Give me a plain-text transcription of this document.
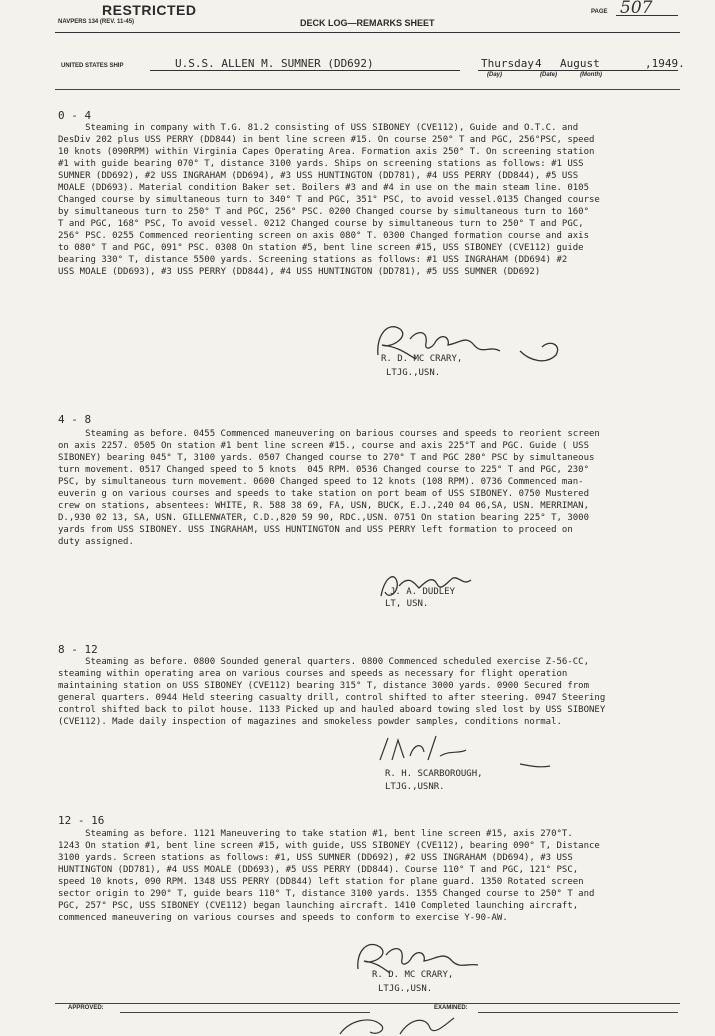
RESTRICTED
NAVPERS 134 (REV. 11-45)	DECK LOG—REMARKS SHEET
PAGE 507
UNITED STATES SHIP	U.S.S. ALLEN M. SUMNER (DD692)	Thursday 4 August	,1949.
(Day)	(Date)	(Month)
0 - 4
Steaming in company with T.G. 81.2 consisting of USS SIBONEY (CVE112), Guide and O.T.C. and
DesDiv 202 plus USS PERRY (DD844) in bent line screen #15. On course 250° T and PGC, 256°PSC, speed
10 knots (090RPM) within Virginia Capes Operating Area. Formation axis 250° T. On screening station
#1 with guide bearing 070° T, distance 3100 yards. Ships on screening stations as follows: #1 USS
SUMNER (DD692), #2 USS INGRAHAM (DD694), #3 USS HUNTINGTON (DD781), #4 USS PERRY (DD844), #5 USS
MOALE (DD693). Material condition Baker set. Boilers #3 and #4 in use on the main steam line. 0105
Changed course by simultaneous turn to 340° T and PGC, 351° PSC, to avoid vessel.0135 Changed course
by simultaneous turn to 250° T and PGC, 256° PSC. 0200 Changed course by simultaneous turn to 160°
T and PGC, 168° PSC, To avoid vessel. 0212 Changed course by simultaneous turn to 250° T and PGC,
256° PSC. 0255 Commenced reorienting screen on axis 080° T. 0300 Changed formation course and axis
to 080° T and PGC, 091° PSC. 0308 On station #5, bent line screen #15, USS SIBONEY (CVE112) guide
bearing 330° T, distance 5500 yards. Screening stations as follows: #1 USS INGRAHAM (DD694) #2
USS MOALE (DD693), #3 USS PERRY (DD844), #4 USS HUNTINGTON (DD781), #5 USS SUMNER (DD692)
R. D. MC CRARY,
LTJG.,USN.
4 - 8
Steaming as before. 0455 Commenced maneuvering on barious courses and speeds to reorient screen
on axis 2257. 0505 On station #1 bent line screen #15., course and axis 225°T and PGC. Guide ( USS
SIBONEY) bearing 045° T, 3100 yards. 0507 Changed course to 270° T and PGC 280° PSC by simultaneous
turn movement. 0517 Changed speed to 5 knots  045 RPM. 0536 Changed course to 225° T and PGC, 230°
PSC, by simultaneous turn movement. 0600 Changed speed to 12 knots (108 RPM). 0736 Commenced man-
euverin g on various courses and speeds to take station on port beam of USS SIBONEY. 0750 Mustered
crew on stations, absentees: WHITE, R. 588 38 69, FA, USN, BUCK, E.J.,240 04 06,SA, USN. MERRIMAN,
D.,930 02 13, SA, USN. GILLENWATER, C.D.,820 59 90, RDC.,USN. 0751 On station bearing 225° T, 3000
yards from USS SIBONEY. USS INGRAHAM, USS HUNTINGTON and USS PERRY left formation to proceed on
duty assigned.
J. A. DUDLEY
LT, USN.
8 - 12
Steaming as before. 0800 Sounded general quarters. 0800 Commenced scheduled exercise Z-56-CC,
steaming within operating area on various courses and speeds as necessary for flight operation
maintaining station on USS SIBONEY (CVE112) bearing 315° T, distance 3000 yards. 0900 Secured from
general quarters. 0944 Held steering casualty drill, control shifted to after steering. 0947 Steering
control shifted back to pilot house. 1133 Picked up and hauled aboard towing sled lost by USS SIBONEY
(CVE112). Made daily inspection of magazines and smokeless powder samples, conditions normal.
R. H. SCARBOROUGH,
LTJG.,USNR.
12 - 16
Steaming as before. 1121 Maneuvering to take station #1, bent line screen #15, axis 270°T.
1243 On station #1, bent line screen #15, with guide, USS SIBONEY (CVE112), bearing 090° T, Distance
3100 yards. Screen stations as follows: #1, USS SUMNER (DD692), #2 USS INGRAHAM (DD694), #3 USS
HUNTINGTON (DD781), #4 USS MOALE (DD693), #5 USS PERRY (DD844). Course 110° T and PGC, 121° PSC,
speed 10 knots, 090 RPM. 1348 USS PERRY (DD844) left station for plane guard. 1350 Rotated screen
sector origin to 290° T, guide bears 110° T, distance 3100 yards. 1355 Changed course to 250° T and
PGC, 257° PSC, USS SIBONEY (CVE112) began launching aircraft. 1410 Completed launching aircraft,
commenced maneuvering on various courses and speeds to conform to exercise Y-90-AW.
R. D. MC CRARY,
LTJG.,USN.
APPROVED:	EXAMINED:
